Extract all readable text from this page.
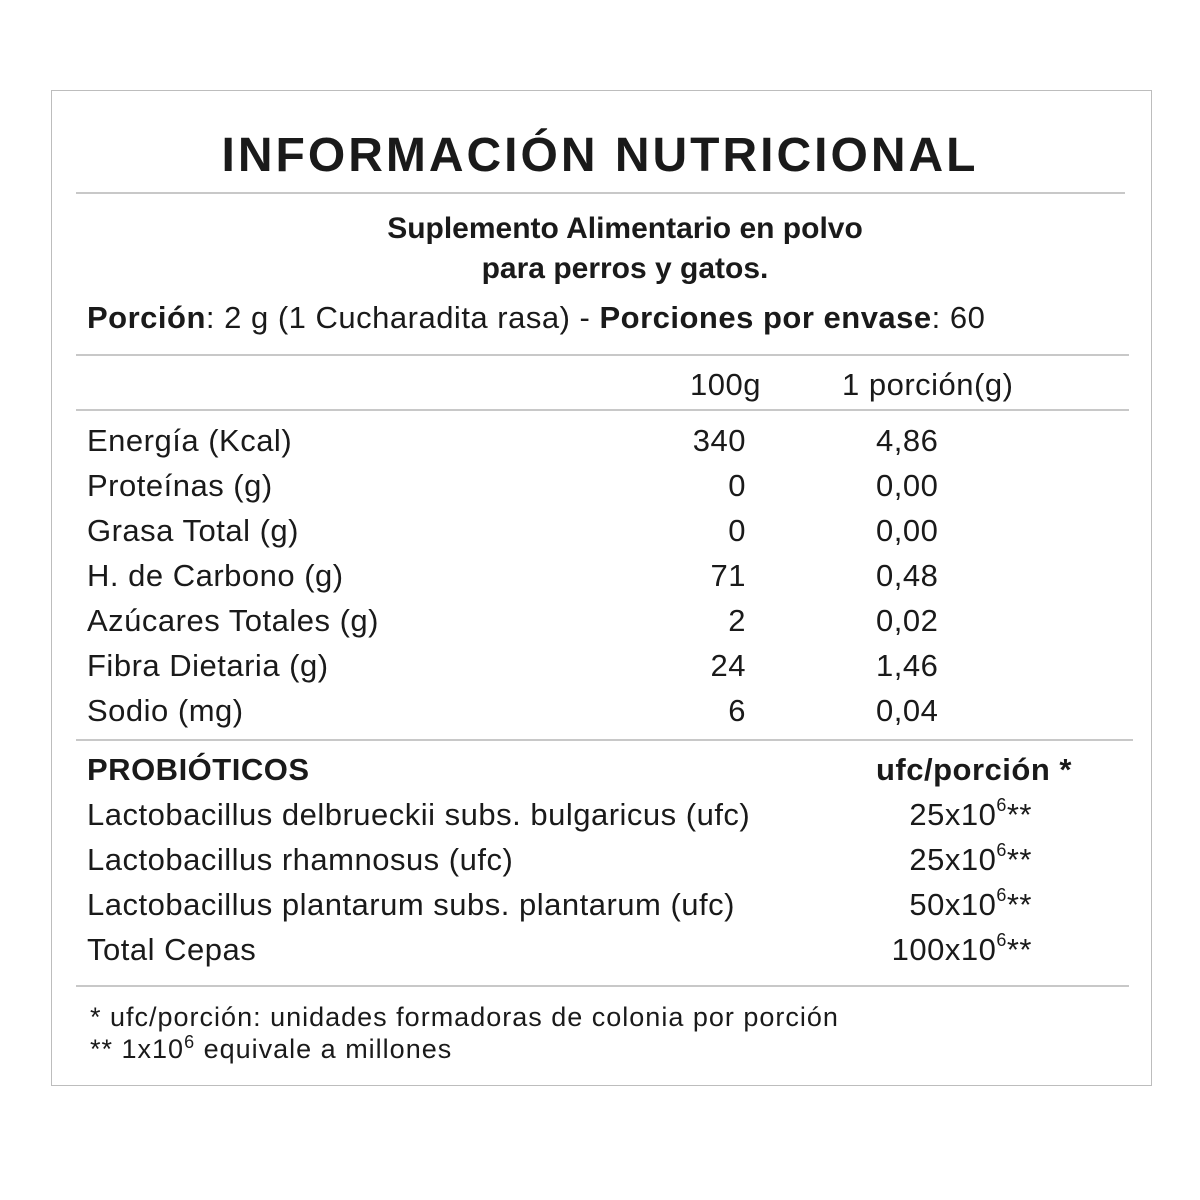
INFORMACIÓN NUTRICIONAL
Suplemento Alimentario en polvo
para perros y gatos.
Porción: 2 g (1 Cucharadita rasa) - Porciones por envase: 60
100g	1 porción(g)
Energía (Kcal)	340	4,86
Proteínas (g)	0	0,00
Grasa Total (g)	0	0,00
H. de Carbono (g)	71	0,48
Azúcares Totales (g)	2	0,02
Fibra Dietaria (g)	24	1,46
Sodio (mg)	6	0,04
PROBIÓTICOS	ufc/porción *
Lactobacillus delbrueckii subs. bulgaricus (ufc)	$25x10^6**$
Lactobacillus rhamnosus (ufc)	$25x10^6**$
Lactobacillus plantarum subs. plantarum (ufc)	$50x10^6**$
Total Cepas	$100x10^6**$
* ufc/porción: unidades formadoras de colonia por porción
** $1x10^6$ equivale a millones
